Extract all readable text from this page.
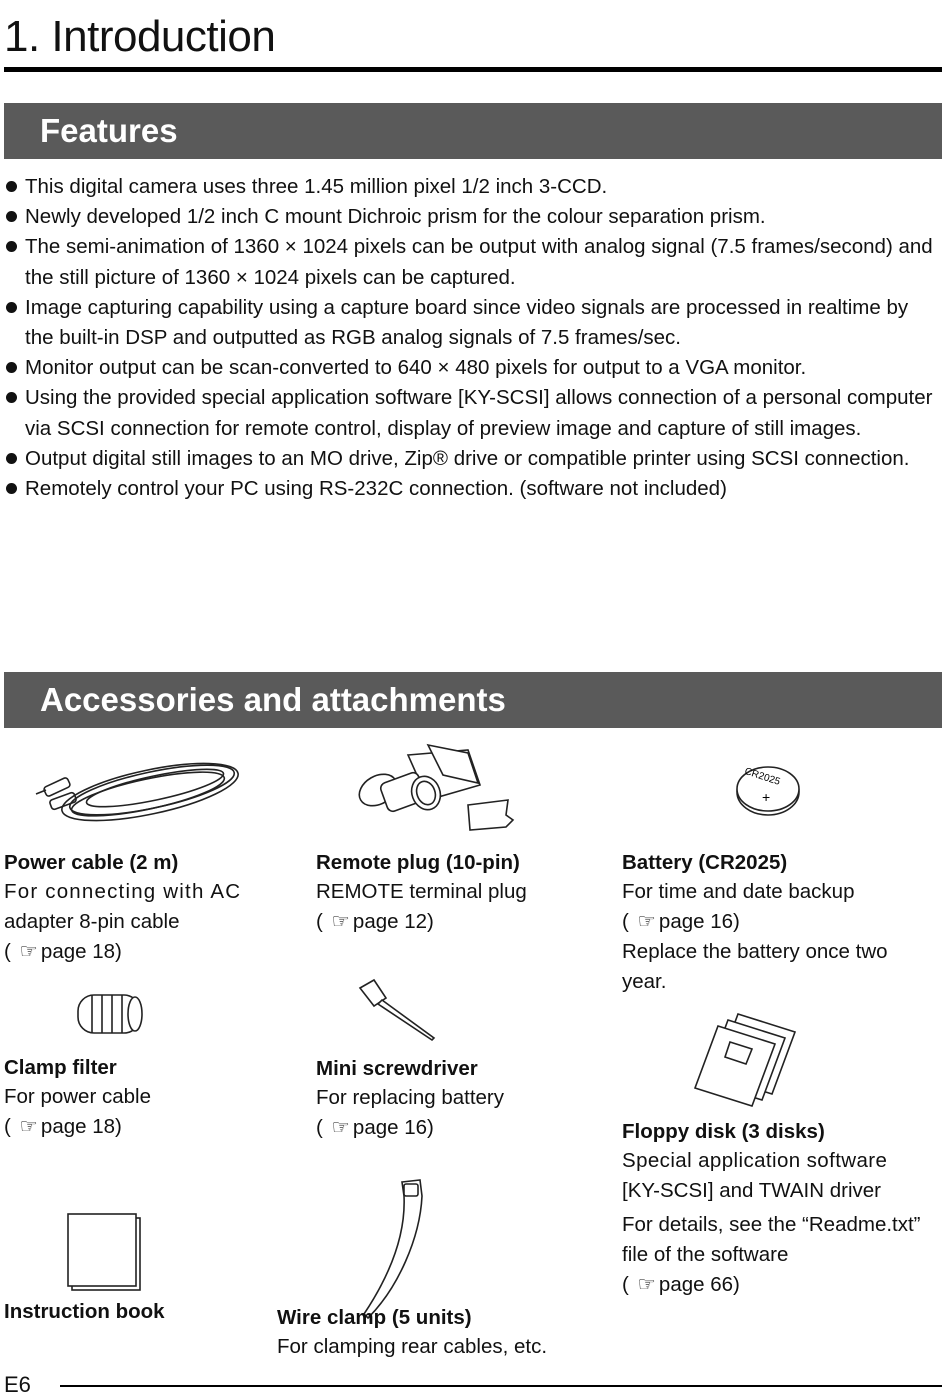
1. Introduction
Features
This digital camera uses three 1.45 million pixel 1/2 inch 3-CCD.
Newly developed 1/2 inch C mount Dichroic prism for the colour separation prism.
The semi-animation of 1360 × 1024 pixels can be output with analog signal (7.5 frames/second) and the still picture of 1360 × 1024 pixels can be captured.
Image capturing capability using a capture board since video signals are processed in realtime by the built-in DSP and outputted as RGB analog signals of 7.5 frames/sec.
Monitor output can be scan-converted to 640 × 480 pixels for output to a VGA monitor.
Using the provided special application software [KY-SCSI] allows connection of a personal computer via SCSI connection for remote control, display of preview image and capture of still images.
Output digital still images to an MO drive, Zip® drive or compatible printer using SCSI connection.
Remotely control your PC using RS-232C connection. (software not included)
Accessories and attachments
CR2025
+
Power cable (2 m)
For connecting with AC
adapter 8-pin cable
( ☞ page 18)
Remote plug (10-pin)
REMOTE terminal plug
( ☞ page 12)
Battery (CR2025)
For time and date backup
( ☞ page 16)
Replace the battery once two
year.
Clamp filter
For power cable
( ☞ page 18)
Mini screwdriver
For replacing battery
( ☞ page 16)	Floppy disk (3 disks)
Special application software
[KY-SCSI] and TWAIN driver
For details, see the “Readme.txt”
file of the software
( ☞ page 66)
Instruction book	Wire clamp (5 units)
For clamping rear cables, etc.
E6
